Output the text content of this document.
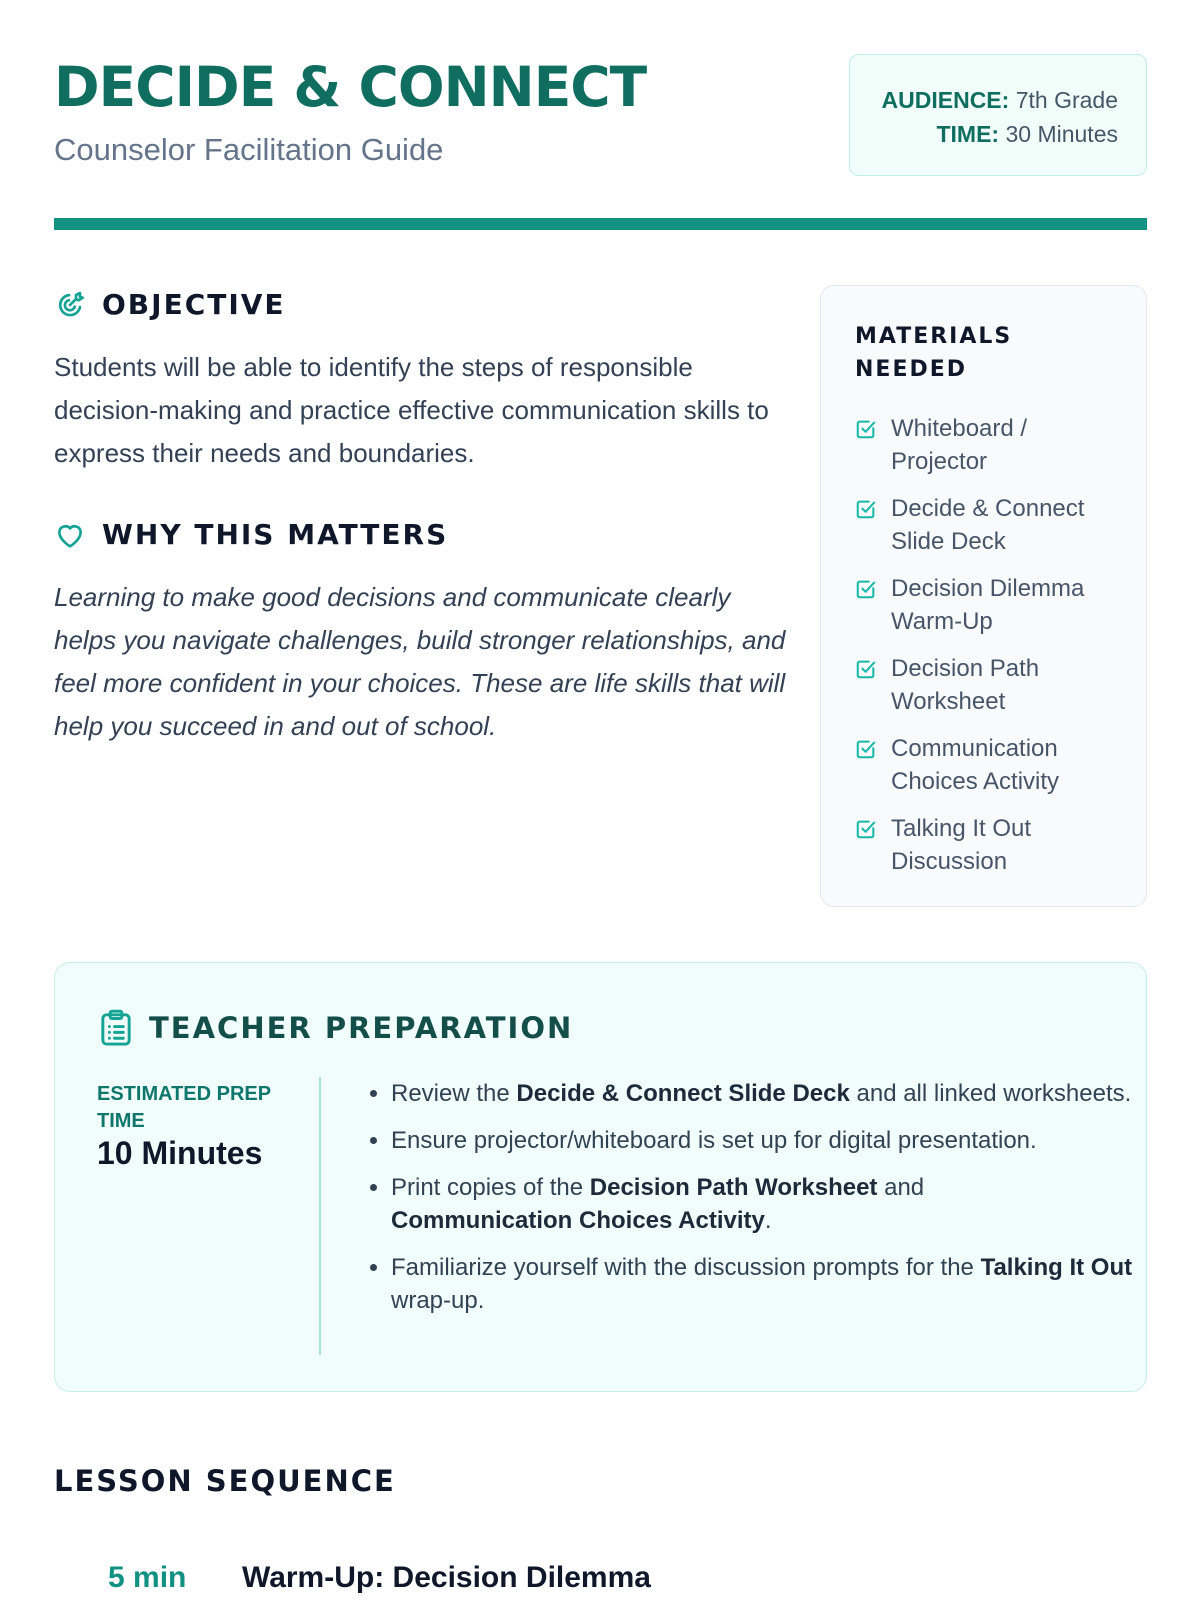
DECIDE & CONNECT

Counselor Facilitation Guide

AUDIENCE: 7th Grade
TIME: 30 Minutes
OBJECTIVE

Students will be able to identify the steps of responsible decision-making and practice effective communication skills to express their needs and boundaries.

WHY THIS MATTERS

Learning to make good decisions and communicate clearly helps you navigate challenges, build stronger relationships, and feel more confident in your choices. These are life skills that will help you succeed in and out of school.

MATERIALS NEEDED
Whiteboard / Projector
Decide & Connect Slide Deck
Decision Dilemma Warm-Up
Decision Path Worksheet
Communication Choices Activity
Talking It Out Discussion
TEACHER PREPARATION

ESTIMATED PREP TIME

10 Minutes

• Review the Decide & Connect Slide Deck and all linked worksheets.
• Ensure projector/whiteboard is set up for digital presentation.
• Print copies of the Decision Path Worksheet and
Communication Choices Activity.
• Familiarize yourself with the discussion prompts for the Talking It Out wrap-up.
LESSON SEQUENCE
5 min	Warm-Up: Decision Dilemma
